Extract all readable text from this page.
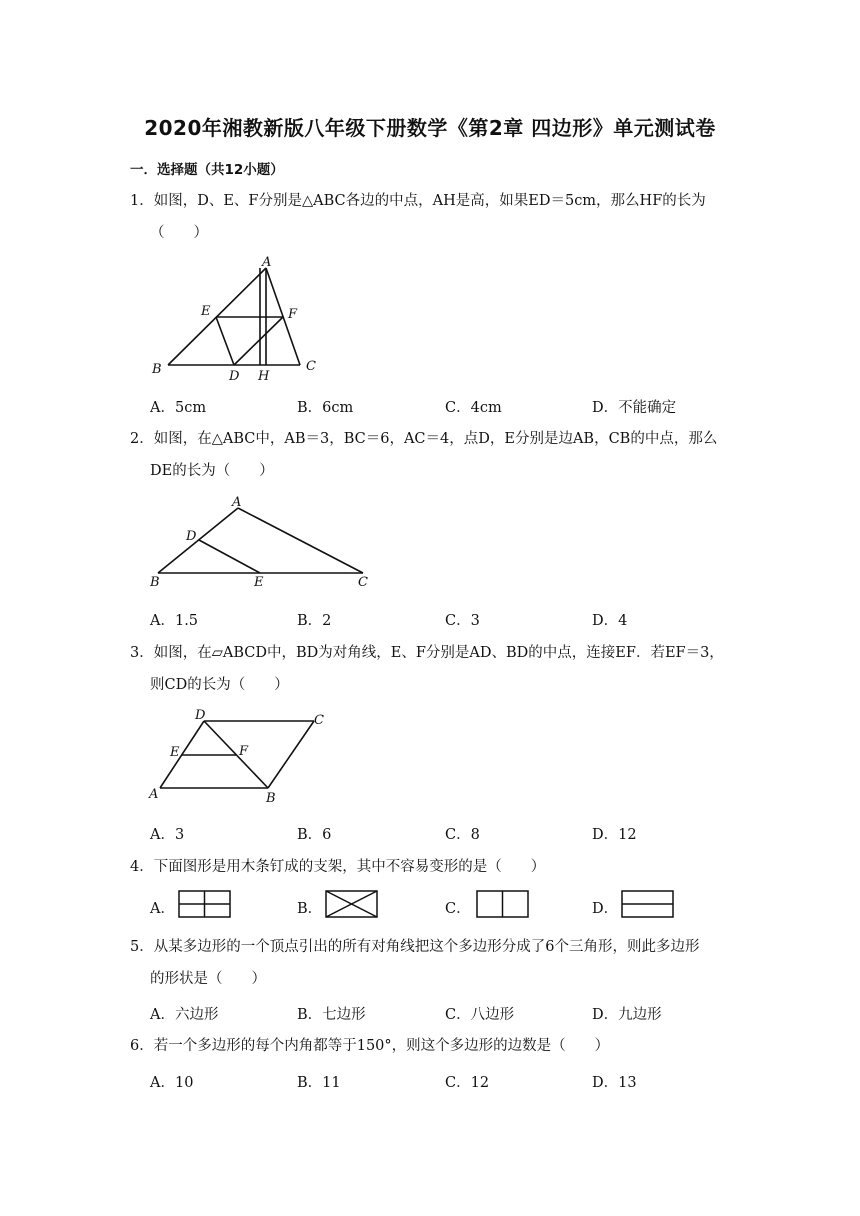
2020年湘教新版八年级下册数学《第2章 四边形》单元测试卷
一．选择题（共12小题）
1．如图，D、E、F分别是△ABC各边的中点，AH是高，如果ED＝5cm，那么HF的长为
（　　）
A
E	F
B	D H
C
A．5cm	B．6cm	C．4cm	D．不能确定
2．如图，在△ABC中，AB＝3，BC＝6，AC＝4，点D，E分别是边AB，CB的中点，那么
DE的长为（　　）
A
D
B	E	C
A．1.5	B．2	C．3	D．4
3．如图，在▱ABCD中，BD为对角线，E、F分别是AD、BD的中点，连接EF．若EF＝3，
则CD的长为（　　）
D	C
E	F
A	B
A．3	B．6	C．8	D．12
4．下面图形是用木条钉成的支架，其中不容易变形的是（　　）
A．	B．	C．	D．
5．从某多边形的一个顶点引出的所有对角线把这个多边形分成了6个三角形，则此多边形
的形状是（　　）
A．六边形	B．七边形	C．八边形	D．九边形
6．若一个多边形的每个内角都等于150°，则这个多边形的边数是（　　）
A．10	B．11	C．12	D．13
